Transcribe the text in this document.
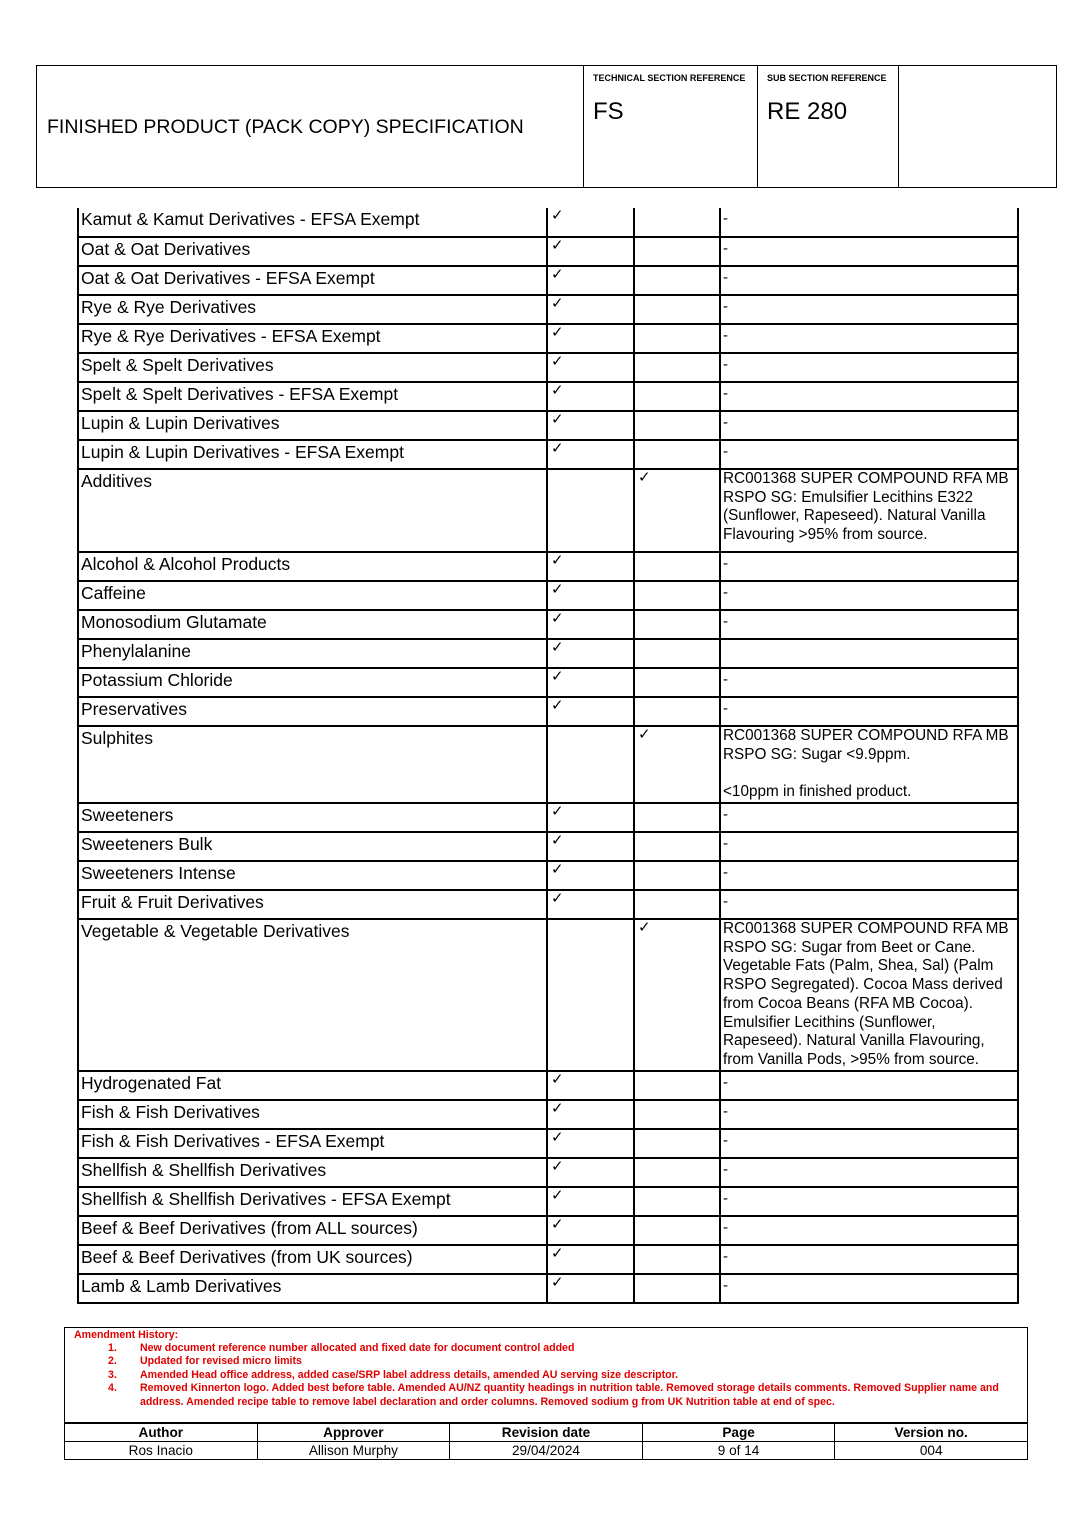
FINISHED PRODUCT (PACK COPY) SPECIFICATION
TECHNICAL SECTION REFERENCE
FS
SUB SECTION REFERENCE
RE 280
Kamut & Kamut Derivatives - EFSA Exempt	✓		-
Oat & Oat Derivatives	✓		-
Oat & Oat Derivatives - EFSA Exempt	✓		-
Rye & Rye Derivatives	✓		-
Rye & Rye Derivatives - EFSA Exempt	✓		-
Spelt & Spelt Derivatives	✓		-
Spelt & Spelt Derivatives - EFSA Exempt	✓		-
Lupin & Lupin Derivatives	✓		-
Lupin & Lupin Derivatives - EFSA Exempt	✓		-
Additives		✓	RC001368 SUPER COMPOUND RFA MB RSPO SG: Emulsifier Lecithins E322 (Sunflower, Rapeseed). Natural Vanilla Flavouring >95% from source.
Alcohol & Alcohol Products	✓		-
Caffeine	✓		-
Monosodium Glutamate	✓		-
Phenylalanine	✓		
Potassium Chloride	✓		-
Preservatives	✓		-
Sulphites		✓	RC001368 SUPER COMPOUND RFA MB RSPO SG: Sugar <9.9ppm.

<10ppm in finished product.
Sweeteners	✓		-
Sweeteners Bulk	✓		-
Sweeteners Intense	✓		-
Fruit & Fruit Derivatives	✓		-
Vegetable & Vegetable Derivatives		✓	RC001368 SUPER COMPOUND RFA MB RSPO SG: Sugar from Beet or Cane. Vegetable Fats (Palm, Shea, Sal) (Palm RSPO Segregated). Cocoa Mass derived from Cocoa Beans (RFA MB Cocoa). Emulsifier Lecithins (Sunflower, Rapeseed). Natural Vanilla Flavouring, from Vanilla Pods, >95% from source.
Hydrogenated Fat	✓		-
Fish & Fish Derivatives	✓		-
Fish & Fish Derivatives - EFSA Exempt	✓		-
Shellfish & Shellfish Derivatives	✓		-
Shellfish & Shellfish Derivatives - EFSA Exempt	✓		-
Beef & Beef Derivatives (from ALL sources)	✓		-
Beef & Beef Derivatives (from UK sources)	✓		-
Lamb & Lamb Derivatives	✓		-
Amendment History:
1. New document reference number allocated and fixed date for document control added
2. Updated for revised micro limits
3. Amended Head office address, added case/SRP label address details, amended AU serving size descriptor.
4. Removed Kinnerton logo. Added best before table. Amended AU/NZ quantity headings in nutrition table. Removed storage details comments. Removed Supplier name and address. Amended recipe table to remove label declaration and order columns. Removed sodium g from UK Nutrition table at end of spec.
Author	Approver	Revision date	Page	Version no.
Ros Inacio	Allison Murphy	29/04/2024	9 of 14	004
